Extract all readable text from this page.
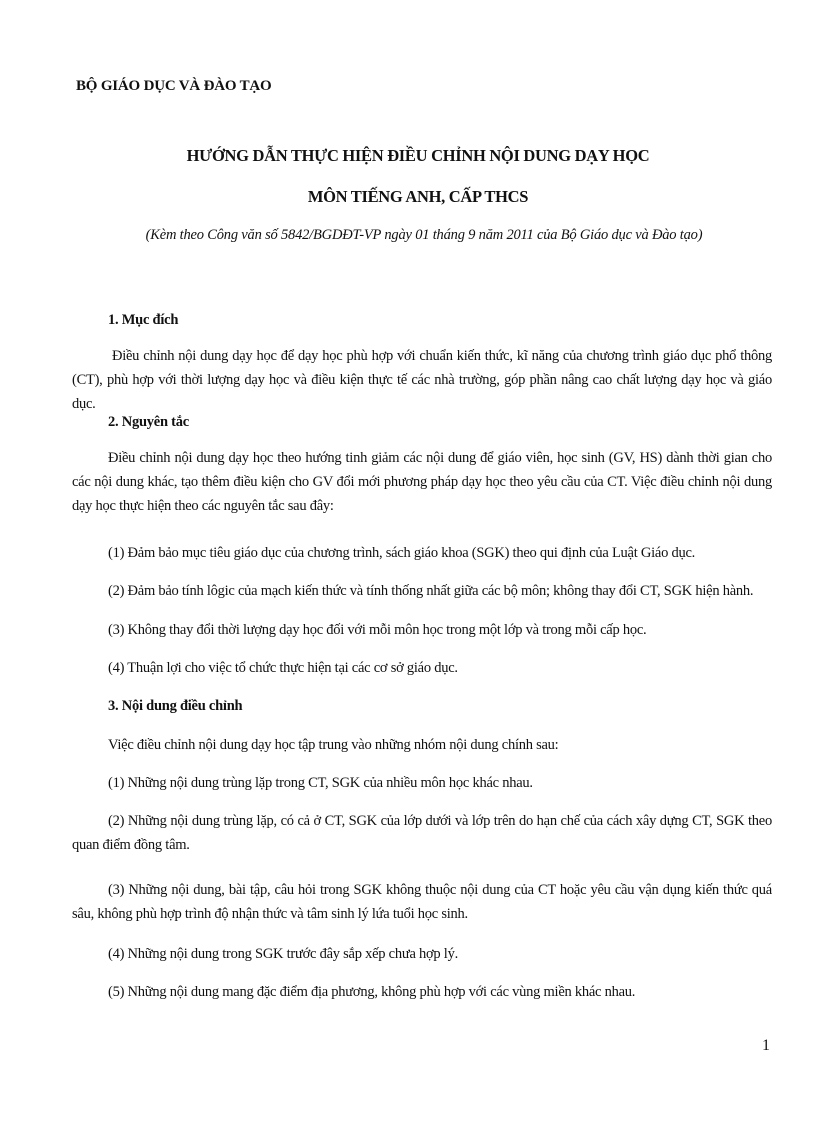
BỘ GIÁO DỤC VÀ ĐÀO TẠO
HƯỚNG DẪN THỰC HIỆN ĐIỀU CHỈNH NỘI DUNG DẠY HỌC
MÔN TIẾNG ANH, CẤP THCS
(Kèm theo Công văn số 5842/BGDĐT-VP ngày 01 tháng 9 năm 2011 của Bộ Giáo dục và Đào tạo)
1. Mục đích
Điều chỉnh nội dung dạy học để dạy học phù hợp với chuẩn kiến thức, kĩ năng của chương trình giáo dục phổ thông (CT), phù hợp với thời lượng dạy học và điều kiện thực tế các nhà trường, góp phần nâng cao chất lượng dạy học và giáo dục.
2. Nguyên tắc
Điều chỉnh nội dung dạy học theo hướng tinh giảm các nội dung để giáo viên, học sinh (GV, HS) dành thời gian cho các nội dung khác, tạo thêm điều kiện cho GV đổi mới phương pháp dạy học theo yêu cầu của CT. Việc điều chỉnh nội dung dạy học thực hiện theo các nguyên tắc sau đây:
(1) Đảm bảo mục tiêu giáo dục của chương trình, sách giáo khoa (SGK) theo qui định của Luật Giáo dục.
(2) Đảm bảo tính lôgic của mạch kiến thức và tính thống nhất giữa các bộ môn; không thay đổi CT, SGK hiện hành.
(3) Không thay đổi thời lượng dạy học đối với mỗi môn học trong một lớp và trong mỗi cấp học.
(4) Thuận lợi cho việc tổ chức thực hiện tại các cơ sở giáo dục.
3. Nội dung điều chỉnh
Việc điều chỉnh nội dung dạy học tập trung vào những nhóm nội dung chính sau:
(1) Những nội dung trùng lặp trong CT, SGK của nhiều môn học khác nhau.
(2) Những nội dung trùng lặp, có cả ở CT, SGK của lớp dưới và lớp trên do hạn chế của cách xây dựng CT, SGK theo quan điểm đồng tâm.
(3) Những nội dung, bài tập, câu hỏi trong SGK không thuộc nội dung của CT hoặc yêu cầu vận dụng kiến thức quá sâu, không phù hợp trình độ nhận thức và tâm sinh lý lứa tuổi học sinh.
(4) Những nội dung trong SGK trước đây sắp xếp chưa hợp lý.
(5) Những nội dung mang đặc điểm địa phương, không phù hợp với các vùng miền khác nhau.
1
